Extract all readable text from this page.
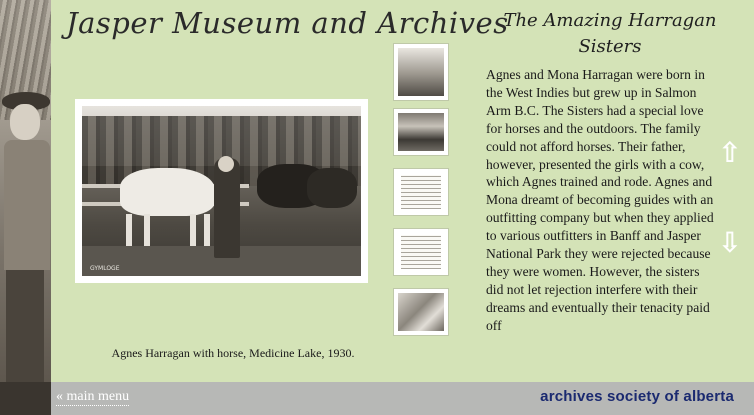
Jasper Museum and Archives
GYMLOGE
Agnes Harragan with horse, Medicine Lake, 1930.
The Amazing Harragan Sisters
Agnes and Mona Harragan were born in the West Indies but grew up in Salmon Arm B.C. The Sisters had a special love for horses and the outdoors. The family could not afford horses. Their father, however, presented the girls with a cow, which Agnes trained and rode. Agnes and Mona dreamt of becoming guides with an outfitting company but when they applied to various outfitters in Banff and Jasper National Park they were rejected because they were women. However, the sisters did not let rejection interfere with their dreams and eventually their tenacity paid off
⇧
⇩
« main menu	archives society of alberta
